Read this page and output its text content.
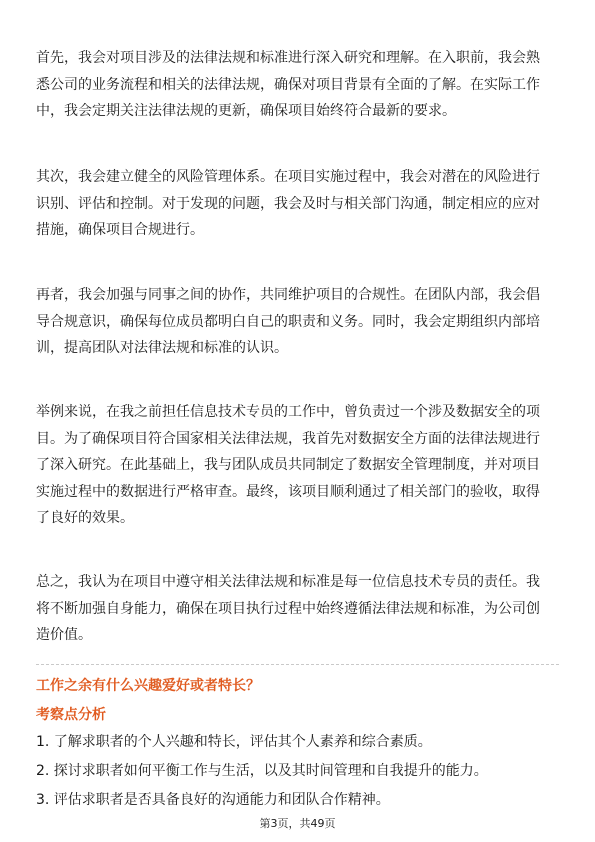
首先，我会对项目涉及的法律法规和标准进行深入研究和理解。在入职前，我会熟
悉公司的业务流程和相关的法律法规，确保对项目背景有全面的了解。在实际工作
中，我会定期关注法律法规的更新，确保项目始终符合最新的要求。
其次，我会建立健全的风险管理体系。在项目实施过程中，我会对潜在的风险进行
识别、评估和控制。对于发现的问题，我会及时与相关部门沟通，制定相应的应对
措施，确保项目合规进行。
再者，我会加强与同事之间的协作，共同维护项目的合规性。在团队内部，我会倡
导合规意识，确保每位成员都明白自己的职责和义务。同时，我会定期组织内部培
训，提高团队对法律法规和标准的认识。
举例来说，在我之前担任信息技术专员的工作中，曾负责过一个涉及数据安全的项
目。为了确保项目符合国家相关法律法规，我首先对数据安全方面的法律法规进行
了深入研究。在此基础上，我与团队成员共同制定了数据安全管理制度，并对项目
实施过程中的数据进行严格审查。最终，该项目顺利通过了相关部门的验收，取得
了良好的效果。
总之，我认为在项目中遵守相关法律法规和标准是每一位信息技术专员的责任。我
将不断加强自身能力，确保在项目执行过程中始终遵循法律法规和标准，为公司创
造价值。
工作之余有什么兴趣爱好或者特长？
考察点分析
1. 了解求职者的个人兴趣和特长，评估其个人素养和综合素质。
2. 探讨求职者如何平衡工作与生活，以及其时间管理和自我提升的能力。
3. 评估求职者是否具备良好的沟通能力和团队合作精神。
第3页，共49页
